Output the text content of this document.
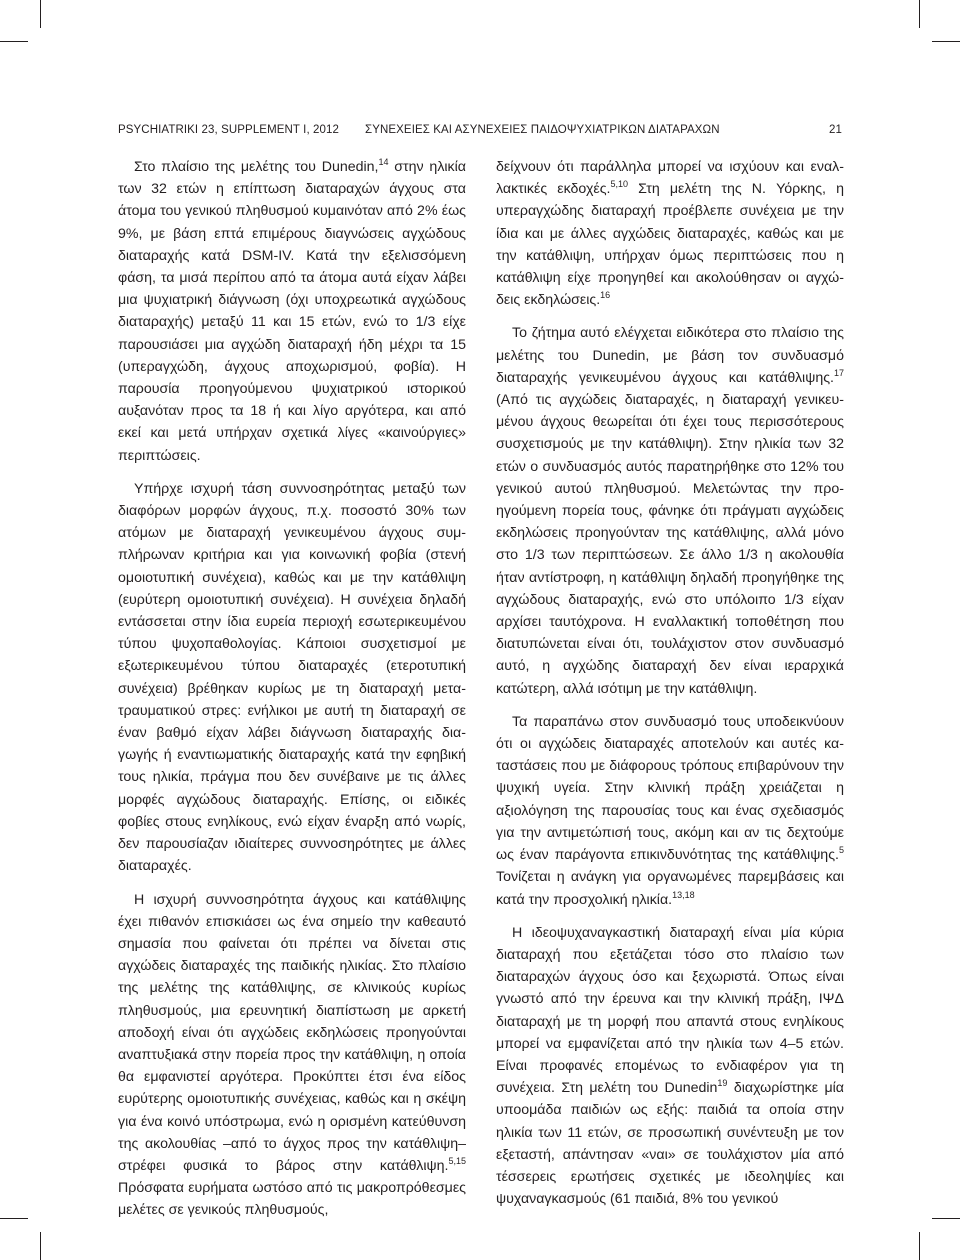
PSYCHIATRIKI 23, SUPPLEMENT I, 2012 ΣΥΝΕΧΕΙΕΣ ΚΑΙ ΑΣΥΝΕΧΕΙΕΣ ΠΑΙΔΟΨΥΧΙΑΤΡΙΚΩΝ ΔΙΑΤΑΡΑΧΩΝ	21

Στο πλαίσιο της μελέτης του Dunedin,$^{14}$ στην ηλικία των 32 ετών η επίπτωση διαταραχών άγχους στα άτομα του γενικού πληθυσμού κυμαινόταν από 2% έως 9%, με βάση επτά επιμέρους διαγνώσεις αγχώδους διαταραχής κατά DSM-IV. Κατά την εξελισσόμενη φάση, τα μισά περίπου από τα άτομα αυτά είχαν λάβει μια ψυχιατρική διάγνωση (όχι υποχρεωτικά αγχώδους διαταραχής) μεταξύ 11 και 15 ετών, ενώ το 1/3 είχε παρουσιάσει μια αγχώδη διαταραχή ήδη μέχρι τα 15 (υπεραγχώδη, άγχους αποχωρισμού, φοβία). Η παρουσία προηγούμενου ψυχιατρικού ιστορικού αυξανόταν προς τα 18 ή και λίγο αργότερα, και από εκεί και μετά υπήρχαν σχετικά λίγες «καινούργιες» περιπτώσεις.

Υπήρχε ισχυρή τάση συννοσηρότητας μεταξύ των διαφόρων μορφών άγχους, π.χ. ποσοστό 30% των ατόμων με διαταραχή γενικευμένου άγχους συμπλήρωναν κριτήρια και για κοινωνική φοβία (στενή ομοιοτυπική συνέχεια), καθώς και με την κατάθλιψη (ευρύτερη ομοιοτυπική συνέχεια). Η συνέχεια δηλαδή εντάσσεται στην ίδια ευρεία περιοχή εσωτερικευμένου τύπου ψυχοπαθολογίας. Κάποιοι συσχετισμοί με εξωτερικευμένου τύπου διαταραχές (ετεροτυπική συνέχεια) βρέθηκαν κυρίως με τη διαταραχή μετατραυματικού στρες: ενήλικοι με αυτή τη διαταραχή σε έναν βαθμό είχαν λάβει διάγνωση διαταραχής διαγωγής ή εναντιωματικής διαταραχής κατά την εφηβική τους ηλικία, πράγμα που δεν συνέβαινε με τις άλλες μορφές αγχώδους διαταραχής. Επίσης, οι ειδικές φοβίες στους ενηλίκους, ενώ είχαν έναρξη από νωρίς, δεν παρουσίαζαν ιδιαίτερες συννοσηρότητες με άλλες διαταραχές.

Η ισχυρή συννοσηρότητα άγχους και κατάθλιψης έχει πιθανόν επισκιάσει ως ένα σημείο την καθεαυτό σημασία που φαίνεται ότι πρέπει να δίνεται στις αγχώδεις διαταραχές της παιδικής ηλικίας. Στο πλαίσιο της μελέτης της κατάθλιψης, σε κλινικούς κυρίως πληθυσμούς, μια ερευνητική διαπίστωση με αρκετή αποδοχή είναι ότι αγχώδεις εκδηλώσεις προηγούνται αναπτυξιακά στην πορεία προς την κατάθλιψη, η οποία θα εμφανιστεί αργότερα. Προκύπτει έτσι ένα είδος ευρύτερης ομοιοτυπικής συνέχειας, καθώς και η σκέψη για ένα κοινό υπόστρωμα, ενώ η ορισμένη κατεύθυνση της ακολουθίας –από το άγχος προς την κατάθλιψη– στρέφει φυσικά το βάρος στην κατάθλιψη.$^{5,15}$ Πρόσφατα ευρήματα ωστόσο από τις μακροπρόθεσμες μελέτες σε γενικούς πληθυσμούς,

δείχνουν ότι παράλληλα μπορεί να ισχύουν και εναλλακτικές εκδοχές.$^{5,10}$ Στη μελέτη της N. Υόρκης, η υπεραγχώδης διαταραχή προέβλεπε συνέχεια με την ίδια και με άλλες αγχώδεις διαταραχές, καθώς και με την κατάθλιψη, υπήρχαν όμως περιπτώσεις που η κατάθλιψη είχε προηγηθεί και ακολούθησαν οι αγχώδεις εκδηλώσεις.$^{16}$

Το ζήτημα αυτό ελέγχεται ειδικότερα στο πλαίσιο της μελέτης του Dunedin, με βάση τον συνδυασμό διαταραχής γενικευμένου άγχους και κατάθλιψης.$^{17}$ (Από τις αγχώδεις διαταραχές, η διαταραχή γενικευμένου άγχους θεωρείται ότι έχει τους περισσότερους συσχετισμούς με την κατάθλιψη). Στην ηλικία των 32 ετών ο συνδυασμός αυτός παρατηρήθηκε στο 12% του γενικού αυτού πληθυσμού. Μελετώντας την προηγούμενη πορεία τους, φάνηκε ότι πράγματι αγχώδεις εκδηλώσεις προηγούνταν της κατάθλιψης, αλλά μόνο στο 1/3 των περιπτώσεων. Σε άλλο 1/3 η ακολουθία ήταν αντίστροφη, η κατάθλιψη δηλαδή προηγήθηκε της αγχώδους διαταραχής, ενώ στο υπόλοιπο 1/3 είχαν αρχίσει ταυτόχρονα. Η εναλλακτική τοποθέτηση που διατυπώνεται είναι ότι, τουλάχιστον στον συνδυασμό αυτό, η αγχώδης διαταραχή δεν είναι ιεραρχικά κατώτερη, αλλά ισότιμη με την κατάθλιψη.

Τα παραπάνω στον συνδυασμό τους υποδεικνύουν ότι οι αγχώδεις διαταραχές αποτελούν και αυτές καταστάσεις που με διάφορους τρόπους επιβαρύνουν την ψυχική υγεία. Στην κλινική πράξη χρειάζεται η αξιολόγηση της παρουσίας τους και ένας σχεδιασμός για την αντιμετώπισή τους, ακόμη και αν τις δεχτούμε ως έναν παράγοντα επικινδυνότητας της κατάθλιψης.$^5$ Τονίζεται η ανάγκη για οργανωμένες παρεμβάσεις και κατά την προσχολική ηλικία.$^{13,18}$

Η ιδεοψυχαναγκαστική διαταραχή είναι μία κύρια διαταραχή που εξετάζεται τόσο στο πλαίσιο των διαταραχών άγχους όσο και ξεχωριστά. Όπως είναι γνωστό από την έρευνα και την κλινική πράξη, ΙΨΔ διαταραχή με τη μορφή που απαντά στους ενηλίκους μπορεί να εμφανίζεται από την ηλικία των 4–5 ετών. Είναι προφανές επομένως το ενδιαφέρον για τη συνέχεια. Στη μελέτη του Dunedin$^{19}$ διαχωρίστηκε μία υποομάδα παιδιών ως εξής: παιδιά τα οποία στην ηλικία των 11 ετών, σε προσωπική συνέντευξη με τον εξεταστή, απάντησαν «ναι» σε τουλάχιστον μία από τέσσερεις ερωτήσεις σχετικές με ιδεοληψίες και ψυχαναγκασμούς (61 παιδιά, 8% του γενικού
